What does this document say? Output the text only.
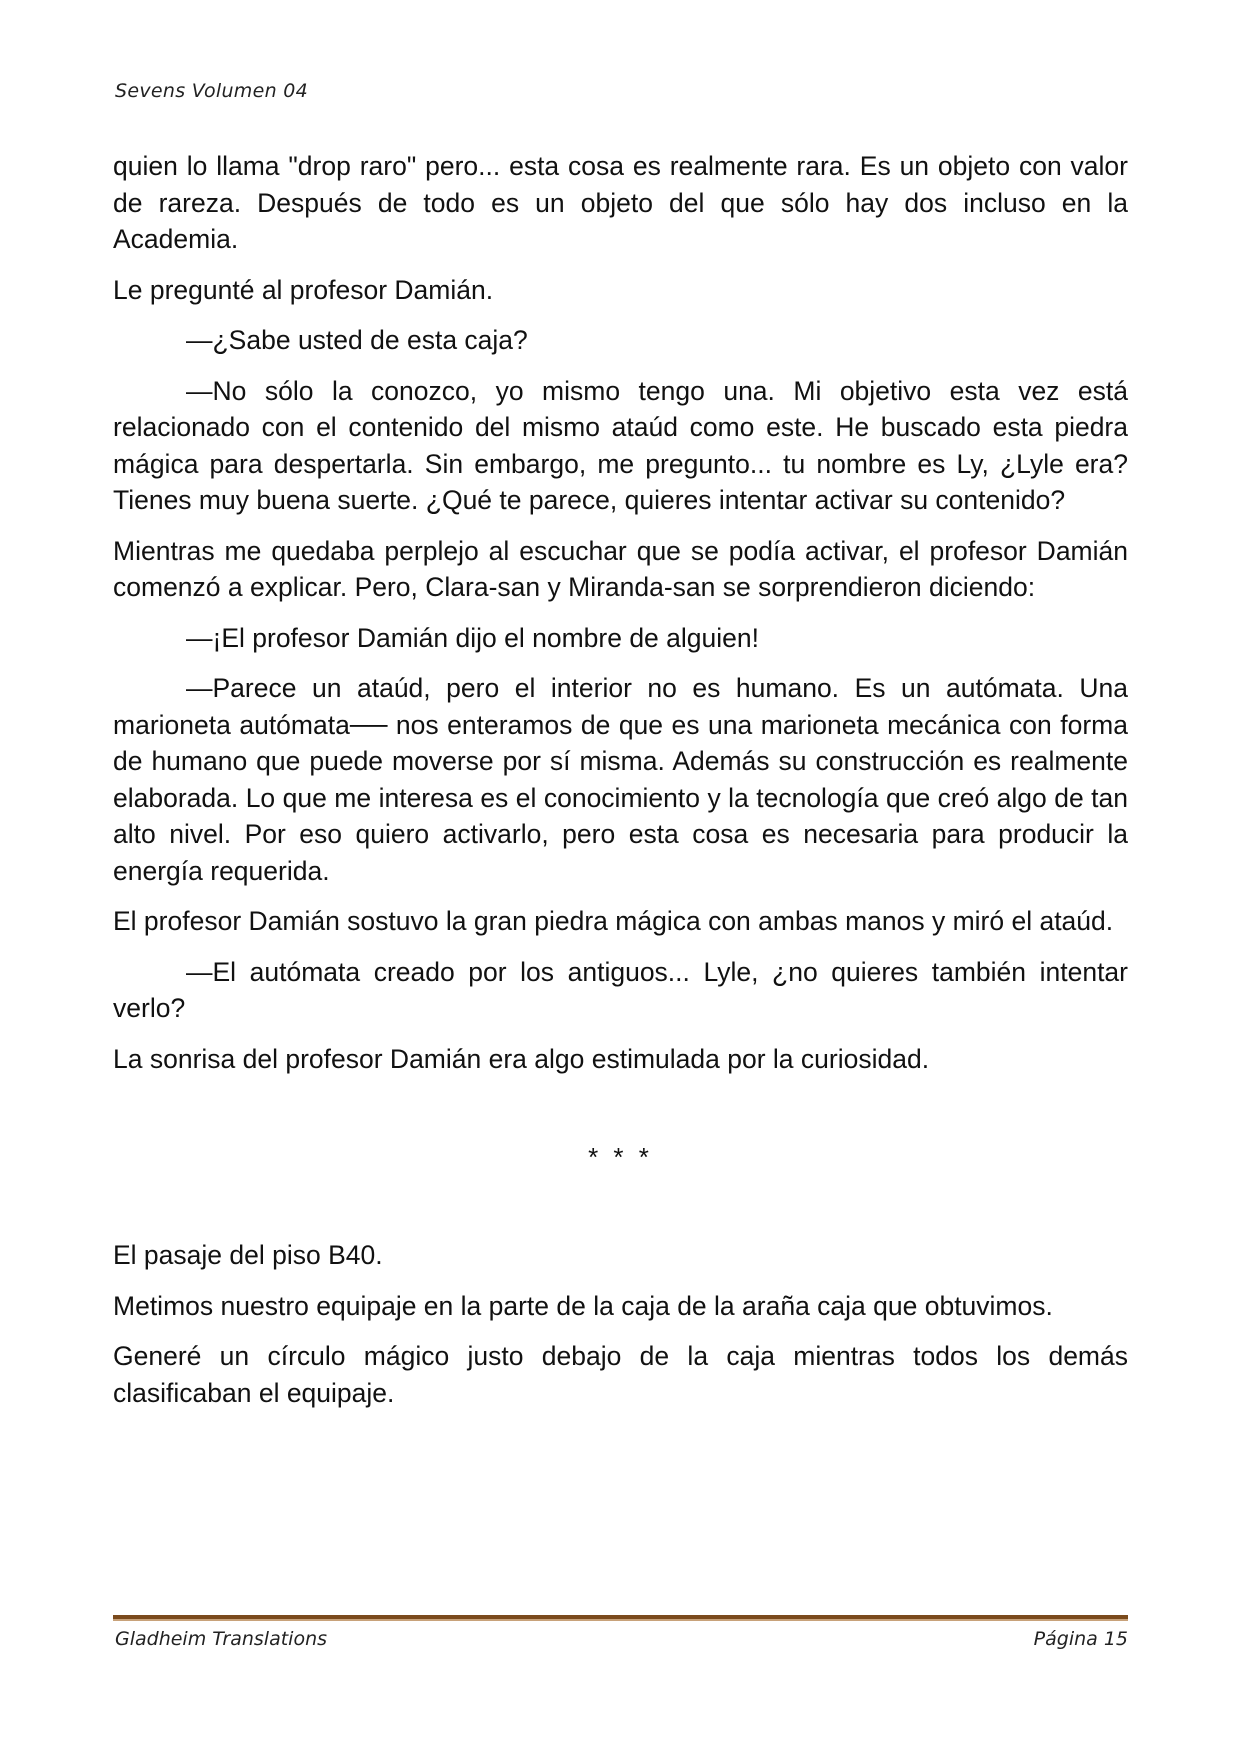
Sevens Volumen 04

quien lo llama "drop raro" pero... esta cosa es realmente rara. Es un objeto con valor de rareza. Después de todo es un objeto del que sólo hay dos incluso en la Academia.

Le pregunté al profesor Damián.

—¿Sabe usted de esta caja?

—No sólo la conozco, yo mismo tengo una. Mi objetivo esta vez está relacionado con el contenido del mismo ataúd como este. He buscado esta piedra mágica para despertarla. Sin embargo, me pregunto... tu nombre es Ly, ¿Lyle era? Tienes muy buena suerte. ¿Qué te parece, quieres intentar activar su contenido?

Mientras me quedaba perplejo al escuchar que se podía activar, el profesor Damián comenzó a explicar. Pero, Clara-san y Miranda-san se sorprendieron diciendo:

—¡El profesor Damián dijo el nombre de alguien!

—Parece un ataúd, pero el interior no es humano. Es un autómata. Una marioneta autómata── nos enteramos de que es una marioneta mecánica con forma de humano que puede moverse por sí misma. Además su construcción es realmente elaborada. Lo que me interesa es el conocimiento y la tecnología que creó algo de tan alto nivel. Por eso quiero activarlo, pero esta cosa es necesaria para producir la energía requerida.

El profesor Damián sostuvo la gran piedra mágica con ambas manos y miró el ataúd.

—El autómata creado por los antiguos... Lyle, ¿no quieres también intentar verlo?

La sonrisa del profesor Damián era algo estimulada por la curiosidad.

* * *

El pasaje del piso B40.

Metimos nuestro equipaje en la parte de la caja de la araña caja que obtuvimos.

Generé un círculo mágico justo debajo de la caja mientras todos los demás clasificaban el equipaje.

Gladheim Translations	Página 15
